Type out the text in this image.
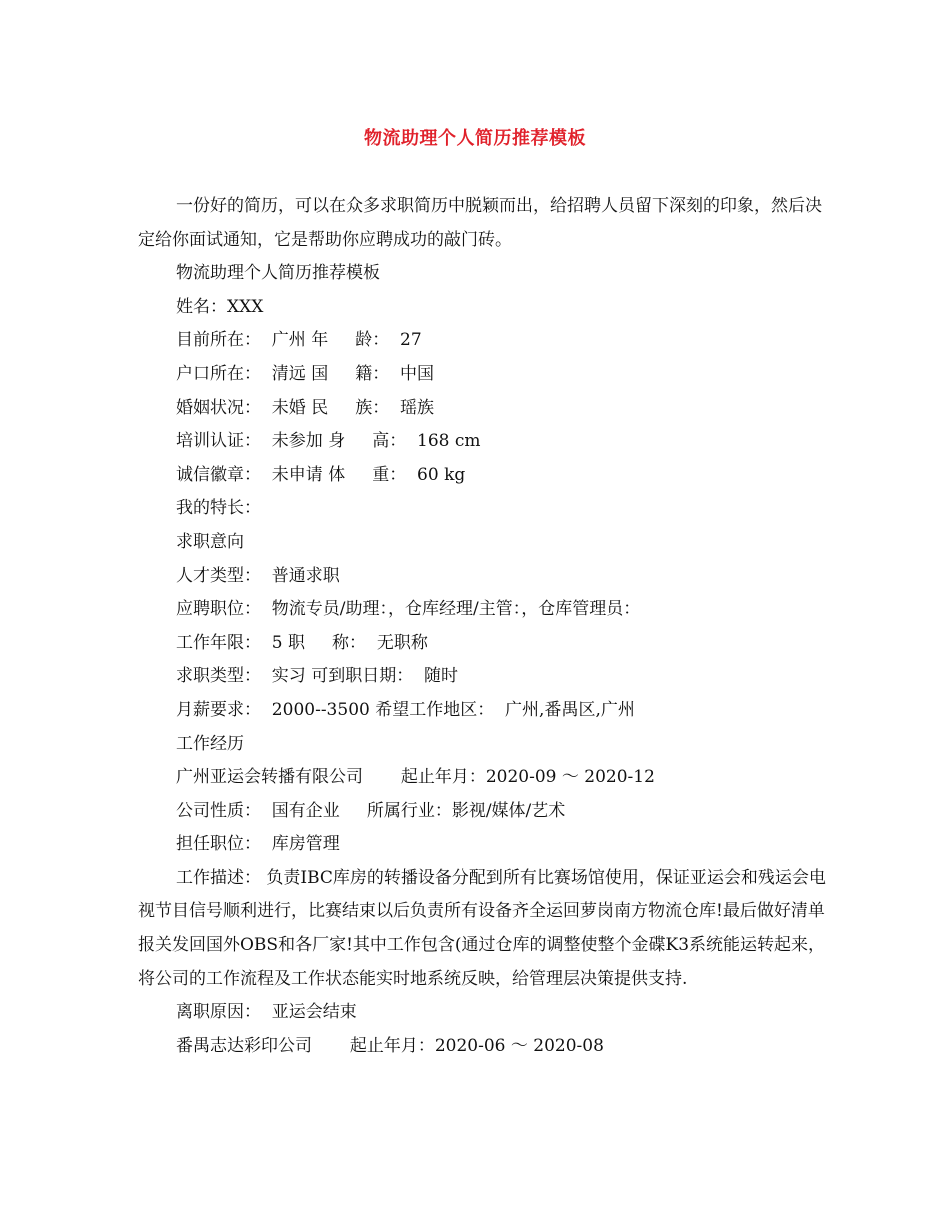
物流助理个人简历推荐模板

一份好的简历，可以在众多求职简历中脱颖而出，给招聘人员留下深刻的印象，然后决定给你面试通知，它是帮助你应聘成功的敲门砖。

物流助理个人简历推荐模板
姓名：XXX
目前所在：  广州 年     龄：  27
户口所在：  清远 国     籍：  中国
婚姻状况：  未婚 民     族：  瑶族
培训认证：  未参加 身     高：  168 cm
诚信徽章：  未申请 体     重：  60 kg
我的特长：
求职意向
人才类型：  普通求职
应聘职位：  物流专员/助理：，仓库经理/主管：，仓库管理员：
工作年限：  5 职     称：  无职称
求职类型：  实习 可到职日期：  随时
月薪要求：  2000--3500 希望工作地区：  广州,番禺区,广州
工作经历
广州亚运会转播有限公司       起止年月：2020-09 ～ 2020-12
公司性质：  国有企业     所属行业：影视/媒体/艺术
担任职位：  库房管理

工作描述： 负责IBC库房的转播设备分配到所有比赛场馆使用，保证亚运会和残运会电视节目信号顺利进行，比赛结束以后负责所有设备齐全运回萝岗南方物流仓库!最后做好清单报关发回国外OBS和各厂家!其中工作包含(通过仓库的调整使整个金碟K3系统能运转起来，将公司的工作流程及工作状态能实时地系统反映，给管理层决策提供支持.

离职原因：  亚运会结束
番禺志达彩印公司       起止年月：2020-06 ～ 2020-08
